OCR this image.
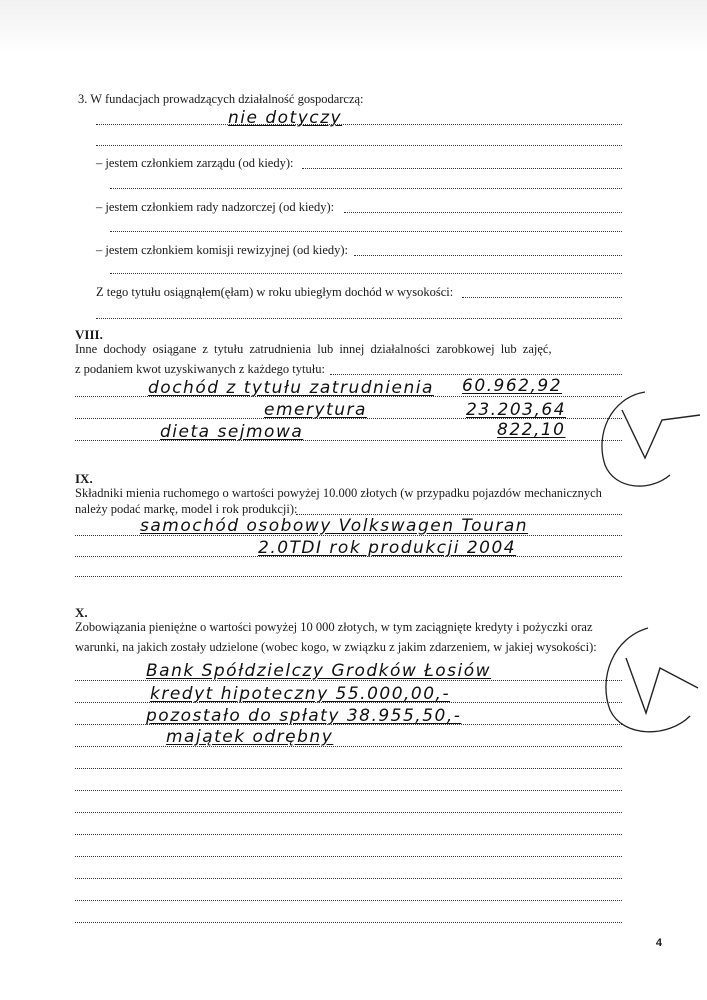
3. W fundacjach prowadzących działalność gospodarczą:
nie dotyczy
– jestem członkiem zarządu (od kiedy):
– jestem członkiem rady nadzorczej (od kiedy):
– jestem członkiem komisji rewizyjnej (od kiedy):
Z tego tytułu osiągnąłem(ęłam) w roku ubiegłym dochód w wysokości:
VIII.
Inne dochody osiągane z tytułu zatrudnienia lub innej działalności zarobkowej lub zajęć,
z podaniem kwot uzyskiwanych z każdego tytułu:
dochód z tytułu zatrudnienia 60.962,92
emerytura	23.203,64
dieta sejmowa	822,10
IX.
Składniki mienia ruchomego o wartości powyżej 10.000 złotych (w przypadku pojazdów mechanicznych
należy podać markę, model i rok produkcji):
samochód osobowy Volkswagen Touran
2.0TDI rok produkcji 2004
X.
Zobowiązania pieniężne o wartości powyżej 10 000 złotych, w tym zaciągnięte kredyty i pożyczki oraz
warunki, na jakich zostały udzielone (wobec kogo, w związku z jakim zdarzeniem, w jakiej wysokości):
Bank Spółdzielczy Grodków Łosiów
kredyt hipoteczny 55.000,00,-
pozostało do spłaty 38.955,50,-
majątek odrębny
4
